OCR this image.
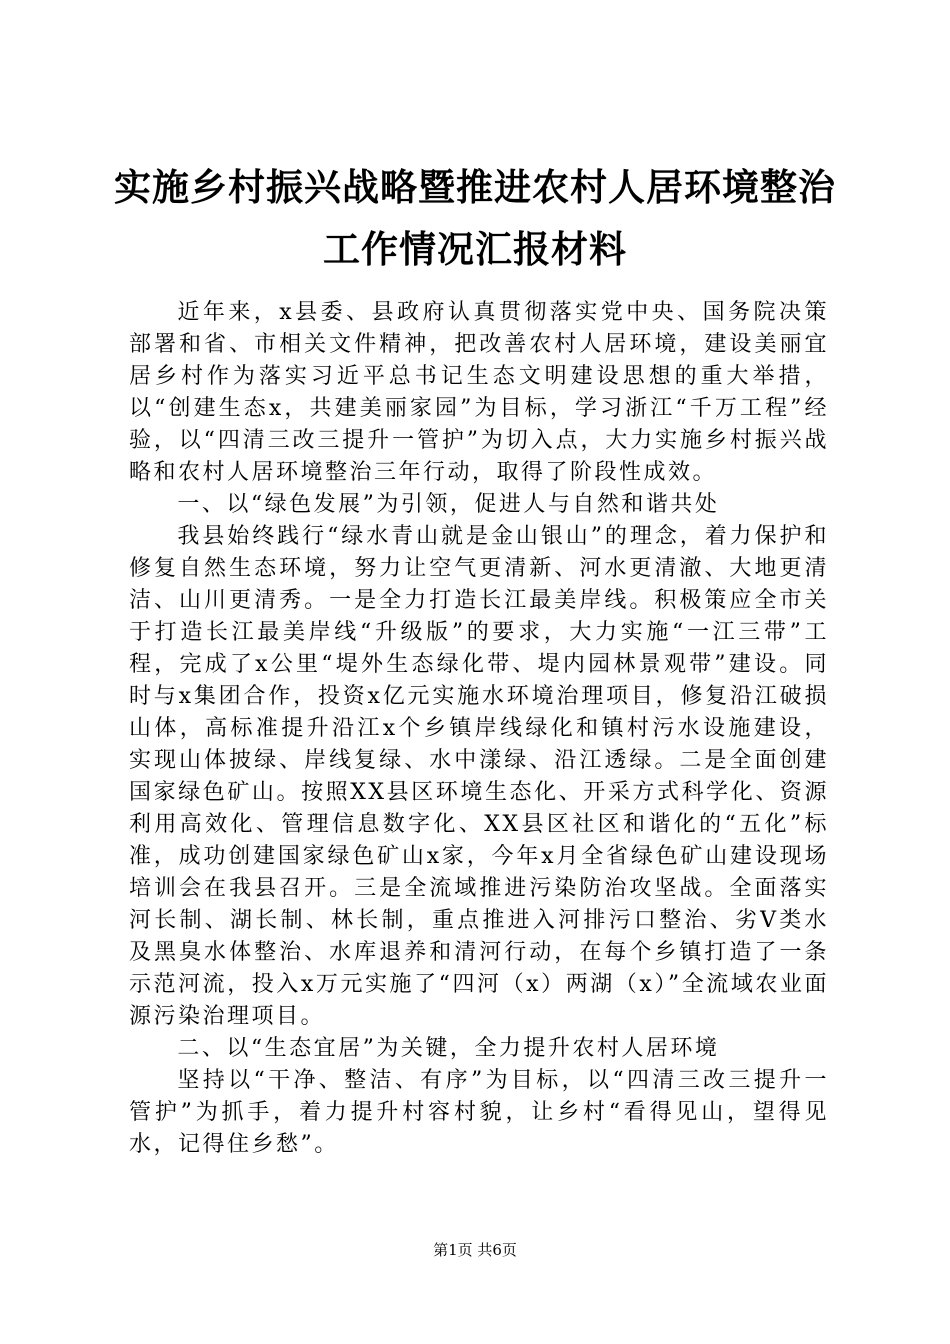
实施乡村振兴战略暨推进农村人居环境整治工作情况汇报材料

近年来，x县委、县政府认真贯彻落实党中央、国务院决策部署和省、市相关文件精神，把改善农村人居环境，建设美丽宜居乡村作为落实习近平总书记生态文明建设思想的重大举措，以“创建生态x，共建美丽家园”为目标，学习浙江“千万工程”经验，以“四清三改三提升一管护”为切入点，大力实施乡村振兴战略和农村人居环境整治三年行动，取得了阶段性成效。

一、以“绿色发展”为引领，促进人与自然和谐共处

我县始终践行“绿水青山就是金山银山”的理念，着力保护和修复自然生态环境，努力让空气更清新、河水更清澈、大地更清洁、山川更清秀。一是全力打造长江最美岸线。积极策应全市关于打造长江最美岸线“升级版”的要求，大力实施“一江三带”工程，完成了x公里“堤外生态绿化带、堤内园林景观带”建设。同时与x集团合作，投资x亿元实施水环境治理项目，修复沿江破损山体，高标准提升沿江x个乡镇岸线绿化和镇村污水设施建设，实现山体披绿、岸线复绿、水中漾绿、沿江透绿。二是全面创建国家绿色矿山。按照XX县区环境生态化、开采方式科学化、资源利用高效化、管理信息数字化、XX县区社区和谐化的“五化”标准，成功创建国家绿色矿山x家，今年x月全省绿色矿山建设现场培训会在我县召开。三是全流域推进污染防治攻坚战。全面落实河长制、湖长制、林长制，重点推进入河排污口整治、劣Ⅴ类水及黑臭水体整治、水库退养和清河行动，在每个乡镇打造了一条示范河流，投入x万元实施了“四河（x）两湖（x）”全流域农业面源污染治理项目。

二、以“生态宜居”为关键，全力提升农村人居环境

坚持以“干净、整洁、有序”为目标，以“四清三改三提升一管护”为抓手，着力提升村容村貌，让乡村“看得见山，望得见水，记得住乡愁”。

第1页 共6页
